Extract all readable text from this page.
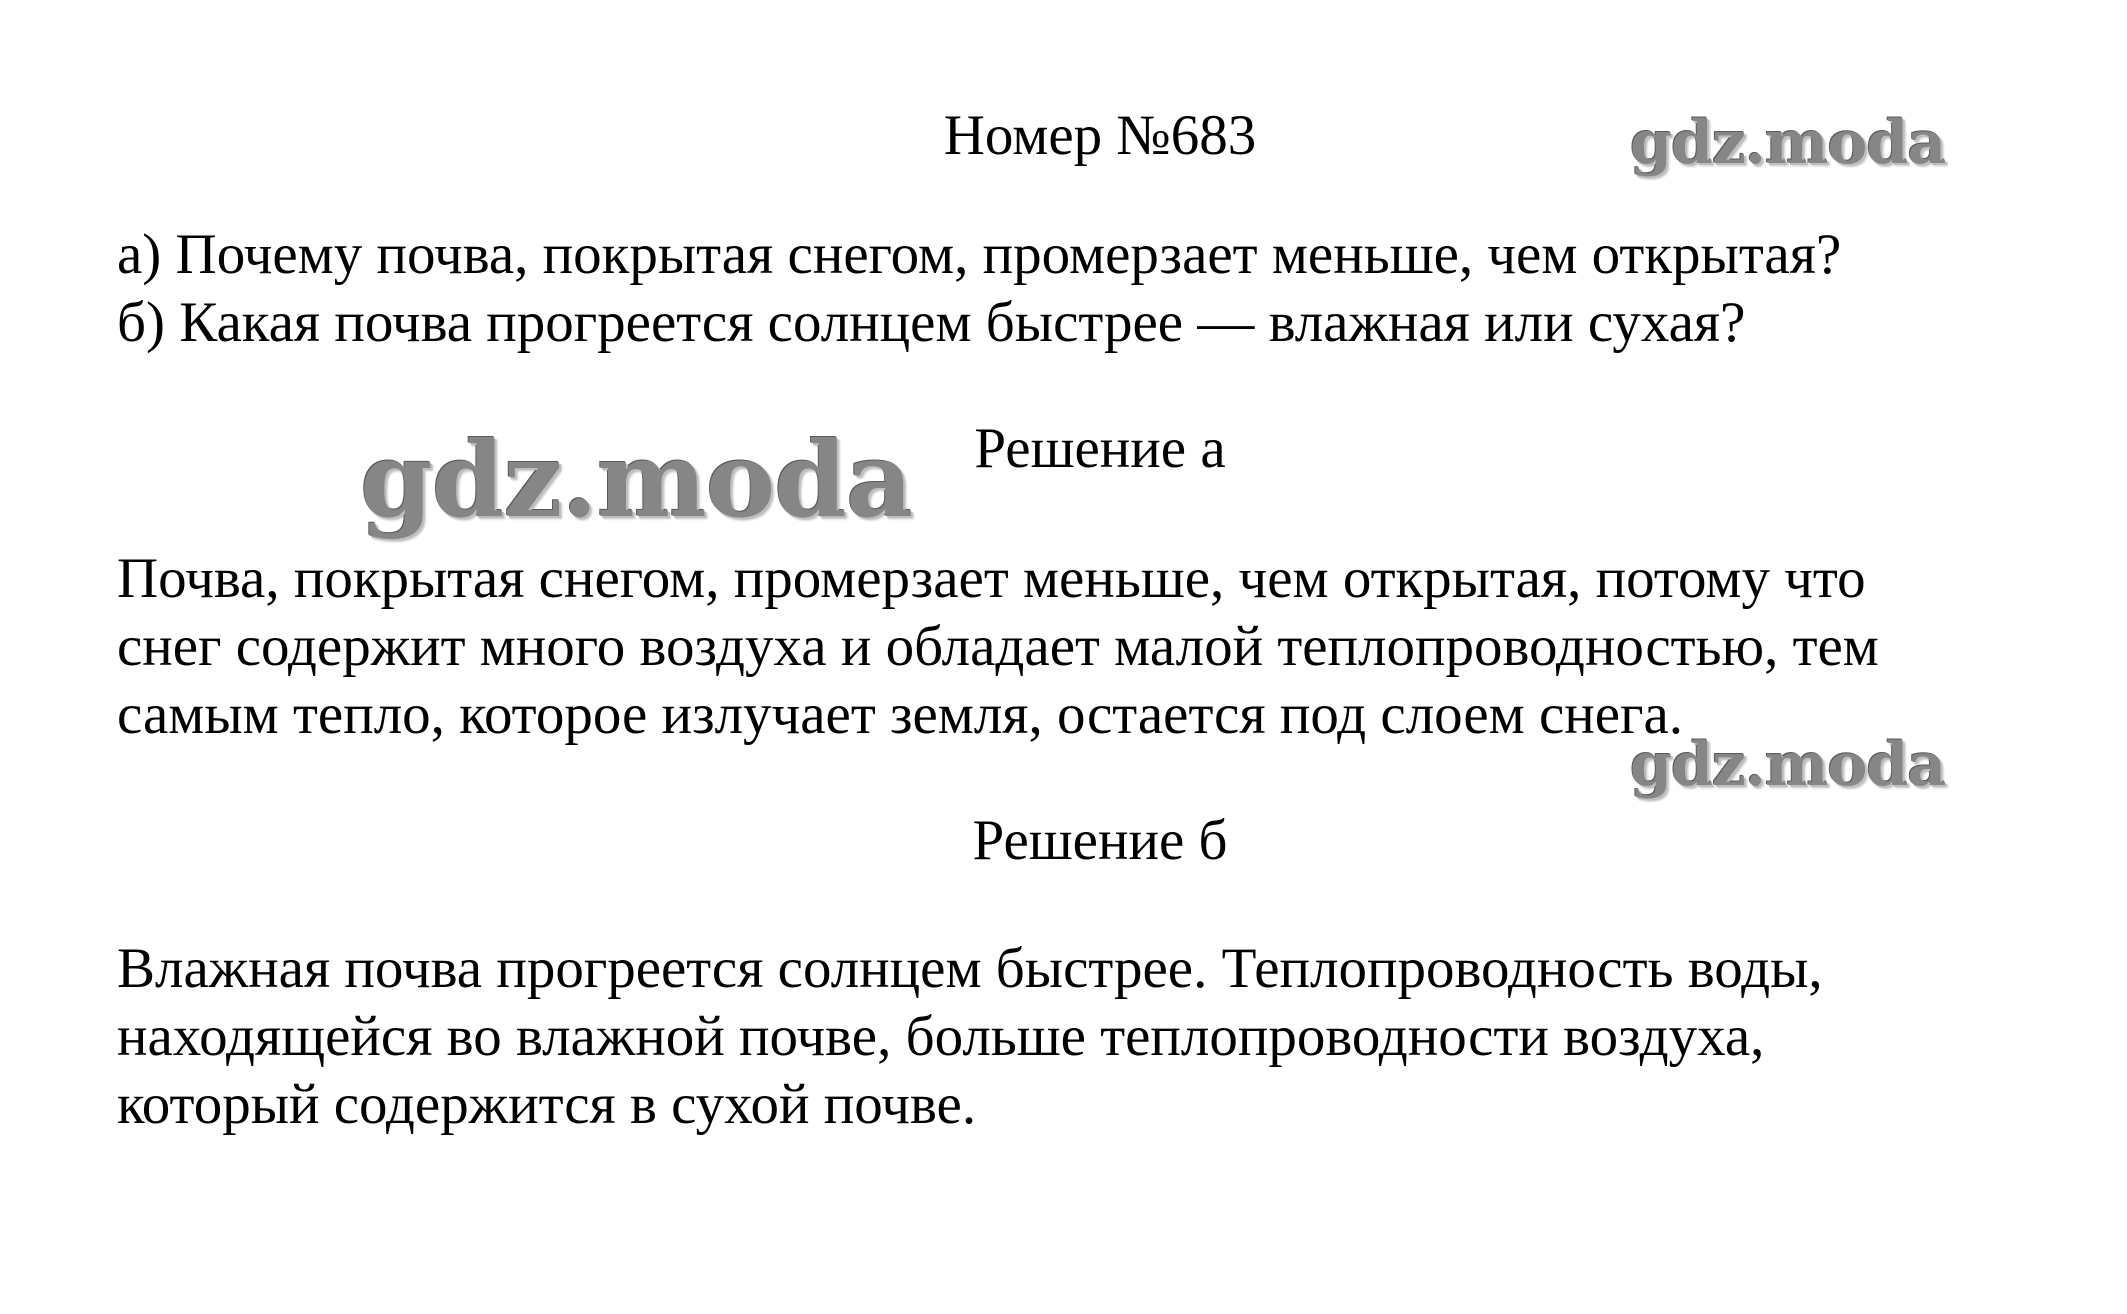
gdz.moda
gdz.moda
gdz.moda
Номер №683
а) Почему почва, покрытая снегом, промерзает меньше, чем открытая?
б) Какая почва прогреется солнцем быстрее — влажная или сухая?
Решение а
Почва, покрытая снегом, промерзает меньше, чем открытая, потому что
снег содержит много воздуха и обладает малой теплопроводностью, тем
самым тепло, которое излучает земля, остается под слоем снега.
Решение б
Влажная почва прогреется солнцем быстрее. Теплопроводность воды,
находящейся во влажной почве, больше теплопроводности воздуха,
который содержится в сухой почве.
